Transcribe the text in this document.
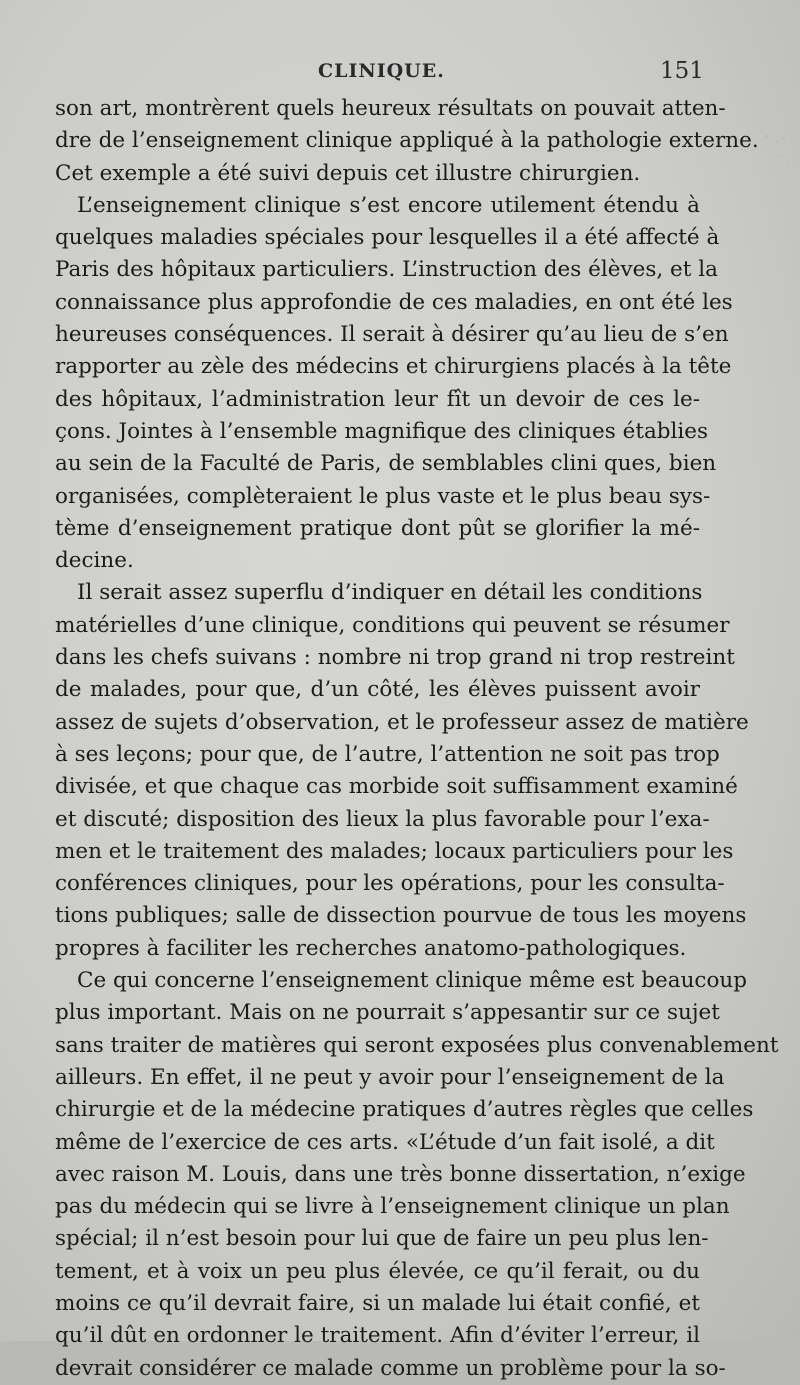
CLINIQUE.	151
son art, montrèrent quels heureux résultats on pouvait atten-
dre de l’enseignement clinique appliqué à la pathologie externe.
Cet exemple a été suivi depuis cet illustre chirurgien.
L’enseignement clinique s’est encore utilement étendu à
quelques maladies spéciales pour lesquelles il a été affecté à
Paris des hôpitaux particuliers. L’instruction des élèves, et la
connaissance plus approfondie de ces maladies, en ont été les
heureuses conséquences. Il serait à désirer qu’au lieu de s’en
rapporter au zèle des médecins et chirurgiens placés à la tête
des hôpitaux, l’administration leur fît un devoir de ces le-
çons. Jointes à l’ensemble magnifique des cliniques établies
au sein de la Faculté de Paris, de semblables clini ques, bien
organisées, complèteraient le plus vaste et le plus beau sys-
tème d’enseignement pratique dont pût se glorifier la mé-
decine.
Il serait assez superflu d’indiquer en détail les conditions
matérielles d’une clinique, conditions qui peuvent se résumer
dans les chefs suivans : nombre ni trop grand ni trop restreint
de malades, pour que, d’un côté, les élèves puissent avoir
assez de sujets d’observation, et le professeur assez de matière
à ses leçons; pour que, de l’autre, l’attention ne soit pas trop
divisée, et que chaque cas morbide soit suffisamment examiné
et discuté; disposition des lieux la plus favorable pour l’exa-
men et le traitement des malades; locaux particuliers pour les
conférences cliniques, pour les opérations, pour les consulta-
tions publiques; salle de dissection pourvue de tous les moyens
propres à faciliter les recherches anatomo-pathologiques.
Ce qui concerne l’enseignement clinique même est beaucoup
plus important. Mais on ne pourrait s’appesantir sur ce sujet
sans traiter de matières qui seront exposées plus convenablement
ailleurs. En effet, il ne peut y avoir pour l’enseignement de la
chirurgie et de la médecine pratiques d’autres règles que celles
même de l’exercice de ces arts. «L’étude d’un fait isolé, a dit
avec raison M. Louis, dans une très bonne dissertation, n’exige
pas du médecin qui se livre à l’enseignement clinique un plan
spécial; il n’est besoin pour lui que de faire un peu plus len-
tement, et à voix un peu plus élevée, ce qu’il ferait, ou du
moins ce qu’il devrait faire, si un malade lui était confié, et
qu’il dût en ordonner le traitement. Afin d’éviter l’erreur, il
devrait considérer ce malade comme un problème pour la so-
